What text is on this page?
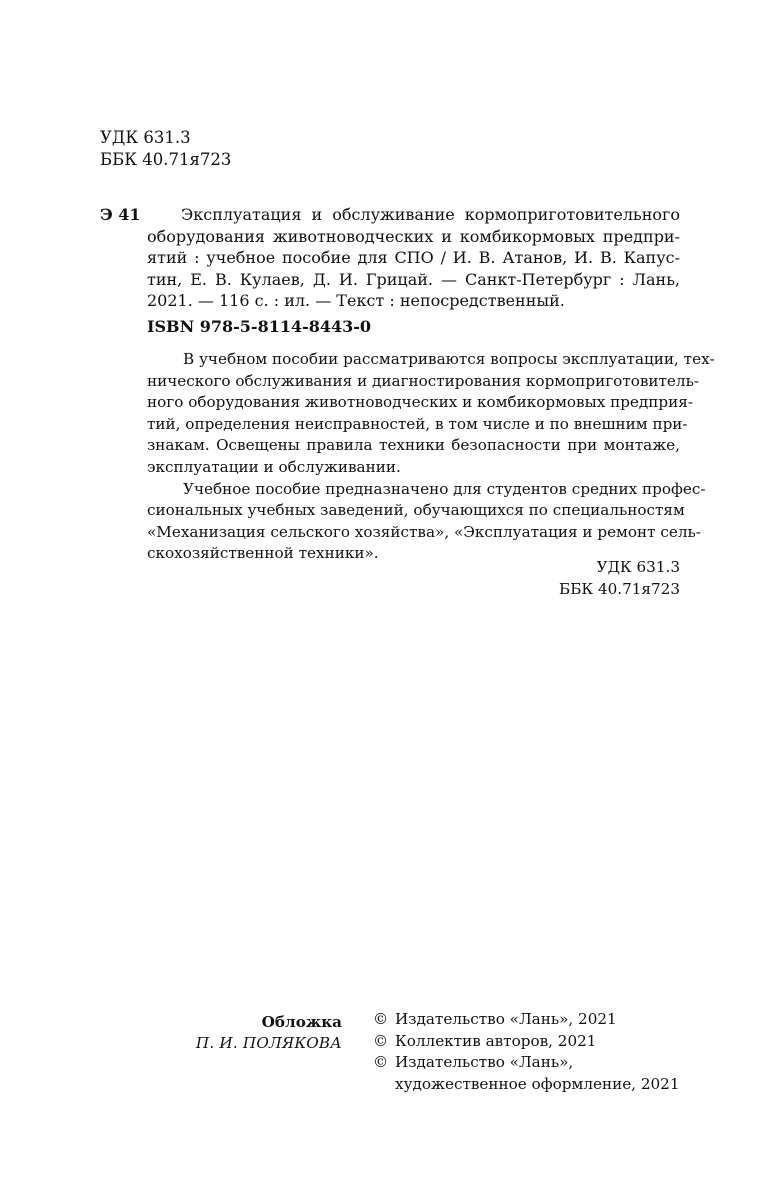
УДК 631.3
ББК 40.71я723
Э 41	Эксплуатация и обслуживание кормоприготовительного
оборудования животноводческих и комбикормовых предпри-
ятий : учебное пособие для СПО / И. В. Атанов, И. В. Капус-
тин, Е. В. Кулаев, Д. И. Грицай. — Санкт-Петербург : Лань,
2021. — 116 с. : ил. — Текст : непосредственный.
ISBN 978-5-8114-8443-0
В учебном пособии рассматриваются вопросы эксплуатации, тех-
нического обслуживания и диагностирования кормоприготовитель-
ного оборудования животноводческих и комбикормовых предприя-
тий, определения неисправностей, в том числе и по внешним при-
знакам. Освещены правила техники безопасности при монтаже,
эксплуатации и обслуживании.
Учебное пособие предназначено для студентов средних профес-
сиональных учебных заведений, обучающихся по специальностям
«Механизация сельского хозяйства», «Эксплуатация и ремонт сель-
скохозяйственной техники».
УДК 631.3
ББК 40.71я723
Обложка
П. И. ПОЛЯКОВА
© Издательство «Лань», 2021
© Коллектив авторов, 2021
© Издательство «Лань»,
художественное оформление, 2021
